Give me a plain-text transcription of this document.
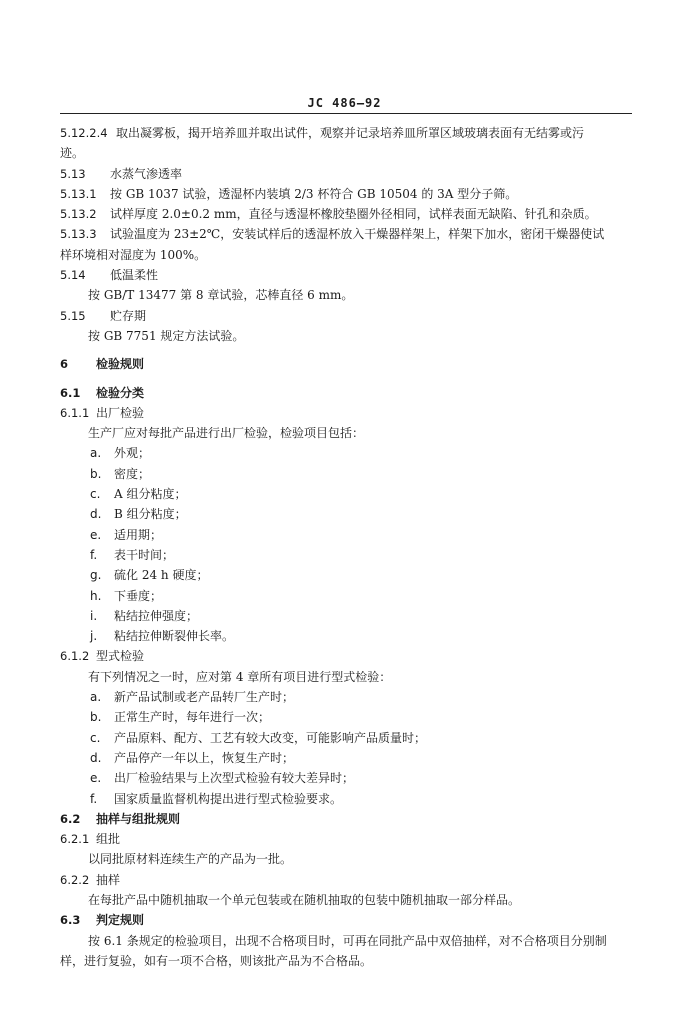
JC 486—92
5.12.2.4 取出凝雾板，揭开培养皿并取出试件，观察并记录培养皿所罩区域玻璃表面有无结雾或污
迹。
5.13 水蒸气渗透率
5.13.1 按 GB 1037 试验，透湿杯内装填 2/3 杯符合 GB 10504 的 3A 型分子筛。
5.13.2 试样厚度 2.0±0.2 mm，直径与透湿杯橡胶垫圈外径相同，试样表面无缺陷、针孔和杂质。
5.13.3 试验温度为 23±2℃，安装试样后的透湿杯放入干燥器样架上，样架下加水，密闭干燥器使试
样环境相对湿度为 100%。
5.14 低温柔性
按 GB/T 13477 第 8 章试验，芯棒直径 6 mm。
5.15 贮存期
按 GB 7751 规定方法试验。
6 检验规则
6.1 检验分类
6.1.1 出厂检验
生产厂应对每批产品进行出厂检验，检验项目包括：
a. 外观；
b. 密度；
c. A 组分粘度；
d. B 组分粘度；
e. 适用期；
f. 表干时间；
g. 硫化 24 h 硬度；
h. 下垂度；
i. 粘结拉伸强度；
j. 粘结拉伸断裂伸长率。
6.1.2 型式检验
有下列情况之一时，应对第 4 章所有项目进行型式检验：
a. 新产品试制或老产品转厂生产时；
b. 正常生产时，每年进行一次；
c. 产品原料、配方、工艺有较大改变，可能影响产品质量时；
d. 产品停产一年以上，恢复生产时；
e. 出厂检验结果与上次型式检验有较大差异时；
f. 国家质量监督机构提出进行型式检验要求。
6.2 抽样与组批规则
6.2.1 组批
以同批原材料连续生产的产品为一批。
6.2.2 抽样
在每批产品中随机抽取一个单元包装或在随机抽取的包装中随机抽取一部分样品。
6.3 判定规则
按 6.1 条规定的检验项目，出现不合格项目时，可再在同批产品中双倍抽样，对不合格项目分别制
样，进行复验，如有一项不合格，则该批产品为不合格品。
